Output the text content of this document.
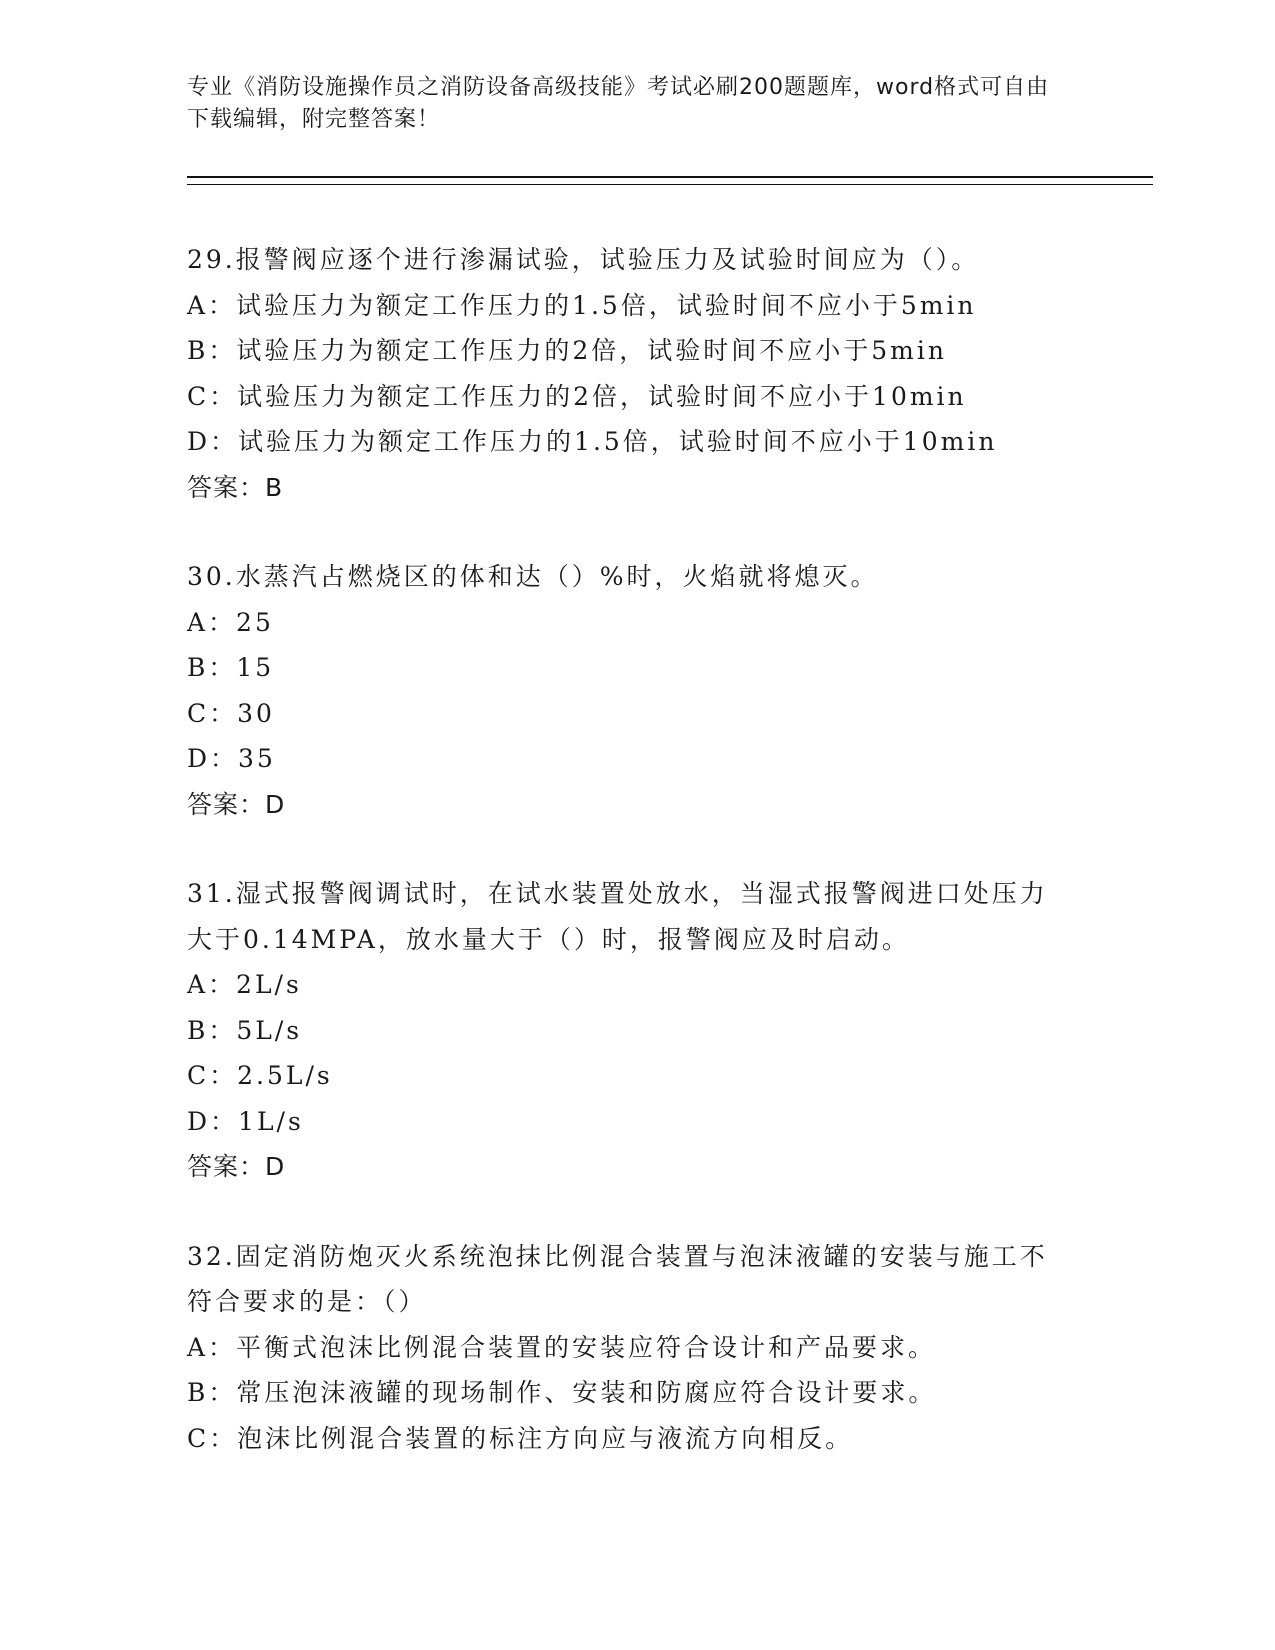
专业《消防设施操作员之消防设备高级技能》考试必刷200题题库，word格式可自由下载编辑，附完整答案！
29.报警阀应逐个进行渗漏试验，试验压力及试验时间应为（）。
A：试验压力为额定工作压力的1.5倍，试验时间不应小于5min
B：试验压力为额定工作压力的2倍，试验时间不应小于5min
C：试验压力为额定工作压力的2倍，试验时间不应小于10min
D：试验压力为额定工作压力的1.5倍，试验时间不应小于10min
答案：B
30.水蒸汽占燃烧区的体和达（）%时，火焰就将熄灭。
A：25
B：15
C：30
D：35
答案：D
31.湿式报警阀调试时，在试水装置处放水，当湿式报警阀进口处压力大于0.14MPA，放水量大于（）时，报警阀应及时启动。
A：2L/s
B：5L/s
C：2.5L/s
D：1L/s
答案：D
32.固定消防炮灭火系统泡抹比例混合装置与泡沫液罐的安装与施工不符合要求的是：（）
A：平衡式泡沫比例混合装置的安装应符合设计和产品要求。
B：常压泡沫液罐的现场制作、安装和防腐应符合设计要求。
C：泡沫比例混合装置的标注方向应与液流方向相反。
